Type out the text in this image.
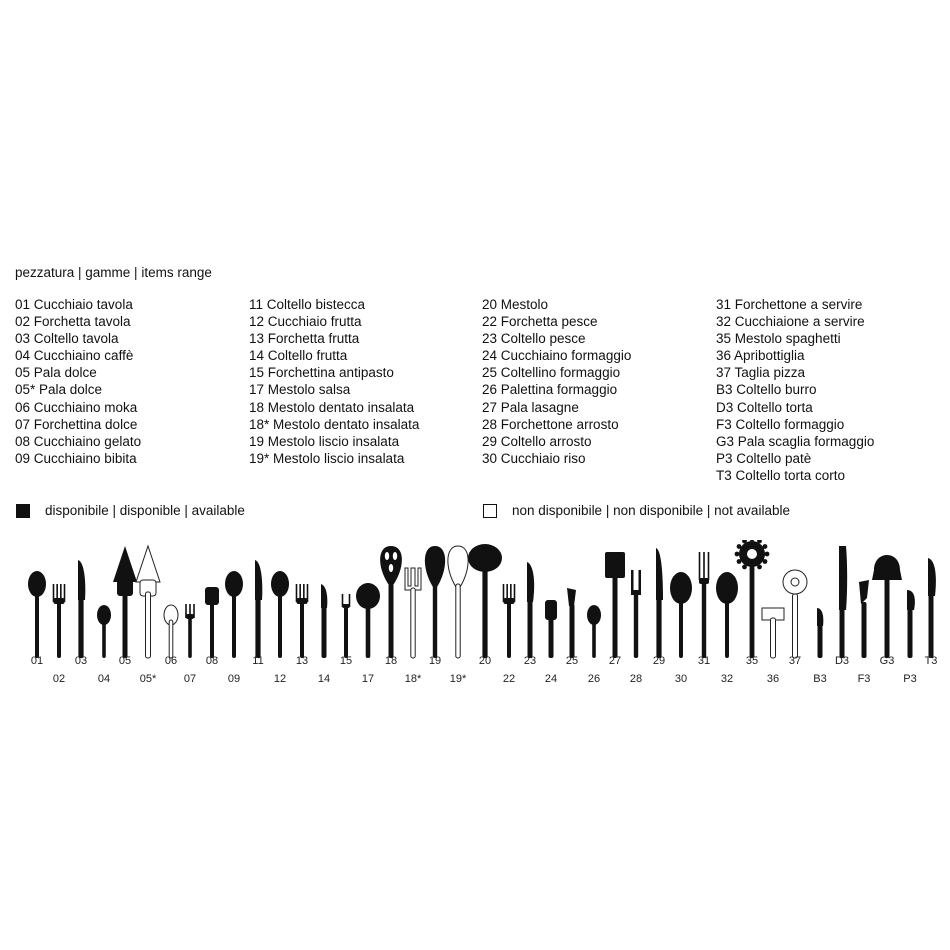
pezzatura | gamme | items range
01 Cucchiaio tavola
02 Forchetta tavola
03 Coltello tavola
04 Cucchiaino caffè
05 Pala dolce
05* Pala dolce
06 Cucchiaino moka
07 Forchettina dolce
08 Cucchiaino gelato
09 Cucchiaino bibita
11 Coltello bistecca
12 Cucchiaio frutta
13 Forchetta frutta
14 Coltello frutta
15 Forchettina antipasto
17 Mestolo salsa
18 Mestolo dentato insalata
18* Mestolo dentato insalata
19 Mestolo liscio insalata
19* Mestolo liscio insalata
20 Mestolo
22 Forchetta pesce
23 Coltello pesce
24 Cucchiaino formaggio
25 Coltellino formaggio
26 Palettina formaggio
27 Pala lasagne
28 Forchettone arrosto
29 Coltello arrosto
30 Cucchiaio riso
31 Forchettone a servire
32 Cucchiaione a servire
35 Mestolo spaghetti
36 Apribottiglia
37 Taglia pizza
B3 Coltello burro
D3 Coltello torta
F3 Coltello formaggio
G3 Pala scaglia formaggio
P3 Coltello patè
T3 Coltello torta corto
disponibile | disponible | available	non disponibile | non disponibile | not available
01
02
03
04
05
05*
06
07
08
09
11
12
13
14
15
17
18
18*
19
19*
20
22
23
24
25
26
27
28
29
30
31
32
35
36
37
B3
D3
F3
G3
P3
T3
